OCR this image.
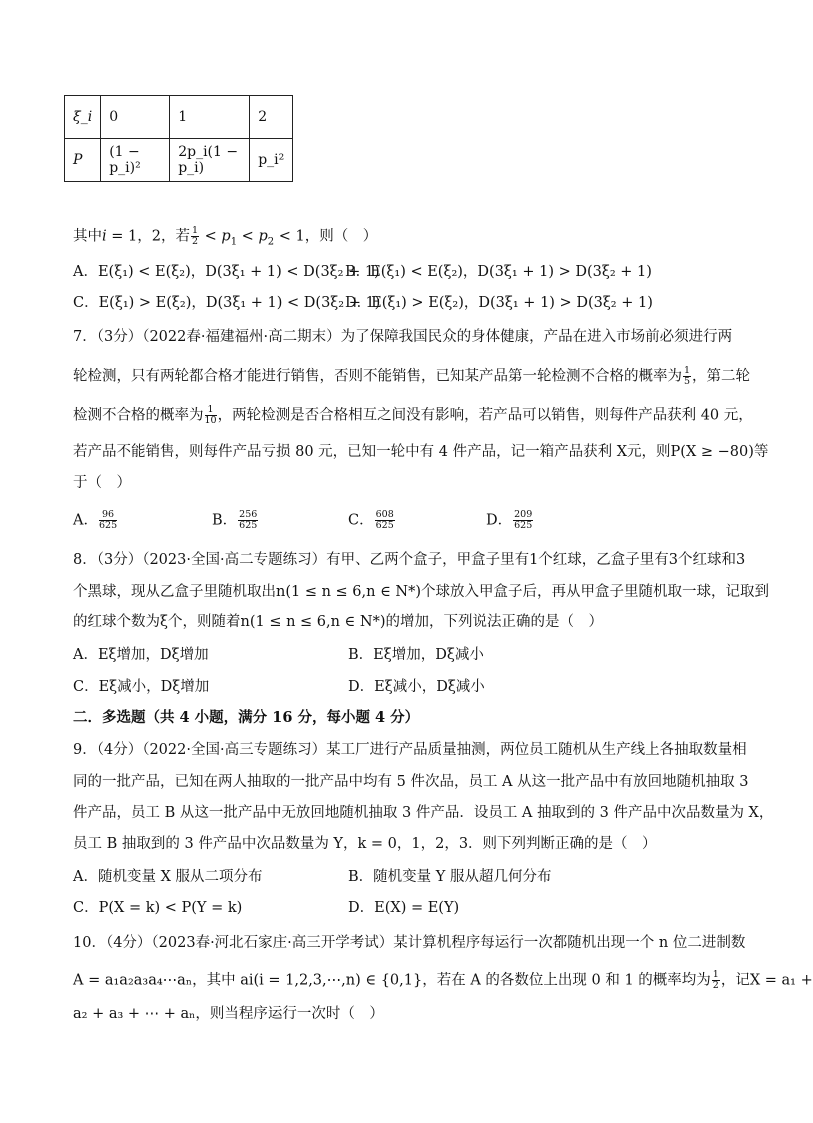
ξ_i	0	1	2
P	(1 − p_i)²	2p_i(1 − p_i)	p_i²
其中i = 1，2，若 $\frac{1}{2} < p_1 < p_2 < 1$，则（　）
A．E(ξ₁) < E(ξ₂)，D(3ξ₁ + 1) < D(3ξ₂ + 1)
B．E(ξ₁) < E(ξ₂)，D(3ξ₁ + 1) > D(3ξ₂ + 1)
C．E(ξ₁) > E(ξ₂)，D(3ξ₁ + 1) < D(3ξ₂ + 1)
D．E(ξ₁) > E(ξ₂)，D(3ξ₁ + 1) > D(3ξ₂ + 1)
7．（3分）（2022春·福建福州·高二期末）为了保障我国民众的身体健康，产品在进入市场前必须进行两
轮检测，只有两轮都合格才能进行销售，否则不能销售，已知某产品第一轮检测不合格的概率为 $\frac{1}{5}$ ，第二轮
检测不合格的概率为 $\frac{1}{10}$ ，两轮检测是否合格相互之间没有影响，若产品可以销售，则每件产品获利 40 元，
若产品不能销售，则每件产品亏损 80 元，已知一轮中有 4 件产品，记一箱产品获利 X元，则P(X ≥ −80)等
于（　）
A． $\frac{96}{625}$	B． $\frac{256}{625}$	C． $\frac{608}{625}$	D． $\frac{209}{625}$
8．（3分）（2023·全国·高二专题练习）有甲、乙两个盒子，甲盒子里有1个红球，乙盒子里有3个红球和3
个黑球，现从乙盒子里随机取出n(1 ≤ n ≤ 6,n ∈ N*)个球放入甲盒子后，再从甲盒子里随机取一球，记取到
的红球个数为ξ个，则随着n(1 ≤ n ≤ 6,n ∈ N*)的增加，下列说法正确的是（　）
A．Eξ增加，Dξ增加	B．Eξ增加，Dξ减小
C．Eξ减小，Dξ增加	D．Eξ减小，Dξ减小
二．多选题（共 4 小题，满分 16 分，每小题 4 分）
9．（4分）（2022·全国·高三专题练习）某工厂进行产品质量抽测，两位员工随机从生产线上各抽取数量相
同的一批产品，已知在两人抽取的一批产品中均有 5 件次品，员工 A 从这一批产品中有放回地随机抽取 3
件产品，员工 B 从这一批产品中无放回地随机抽取 3 件产品．设员工 A 抽取到的 3 件产品中次品数量为 X，
员工 B 抽取到的 3 件产品中次品数量为 Y，k = 0，1，2，3．则下列判断正确的是（　）
A．随机变量 X 服从二项分布	B．随机变量 Y 服从超几何分布
C．P(X = k) < P(Y = k)	D．E(X) = E(Y)
10．（4分）（2023春·河北石家庄·高三开学考试）某计算机程序每运行一次都随机出现一个 n 位二进制数
A = a₁a₂a₃a₄⋯aₙ，其中 ai(i = 1,2,3,⋯,n) ∈ {0,1}，若在 A 的各数位上出现 0 和 1 的概率均为 $\frac{1}{2}$ ，记X = a₁ +
a₂ + a₃ + ⋯ + aₙ，则当程序运行一次时（　）
